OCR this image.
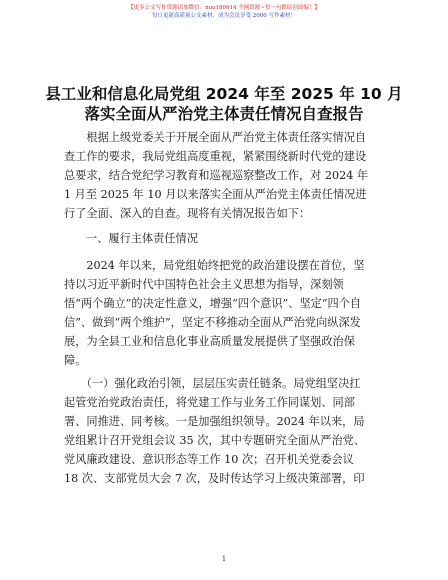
【更多公文写作资源请加微信：nuo180914 全网资源~每一句都原创改编！】
每日更新高质量公文素材，成为会员享受 2000 写作素材！
县工业和信息化局党组 2024 年至 2025 年 10 月
落实全面从严治党主体责任情况自查报告

　　根据上级党委关于开展全面从严治党主体责任落实情况自

查工作的要求，我局党组高度重视，紧紧围绕新时代党的建设

总要求，结合党纪学习教育和巡视巡察整改工作，对 2024 年

1 月至 2025 年 10 月以来落实全面从严治党主体责任情况进

行了全面、深入的自查。现将有关情况报告如下：

一、履行主体责任情况

　　2024 年以来，局党组始终把党的政治建设摆在首位，坚

持以习近平新时代中国特色社会主义思想为指导，深刻领

悟“两个确立”的决定性意义，增强“四个意识”、坚定“四个自

信”、做到“两个维护”，坚定不移推动全面从严治党向纵深发

展，为全县工业和信息化事业高质量发展提供了坚强政治保

障。

　　（一）强化政治引领，层层压实责任链条。局党组坚决扛

起管党治党政治责任，将党建工作与业务工作同谋划、同部

署、同推进、同考核。一是加强组织领导。2024 年以来，局

党组累计召开党组会议 35 次，其中专题研究全面从严治党、

党风廉政建设、意识形态等工作 10 次；召开机关党委会议

18 次、支部党员大会 7 次，及时传达学习上级决策部署，印

1
